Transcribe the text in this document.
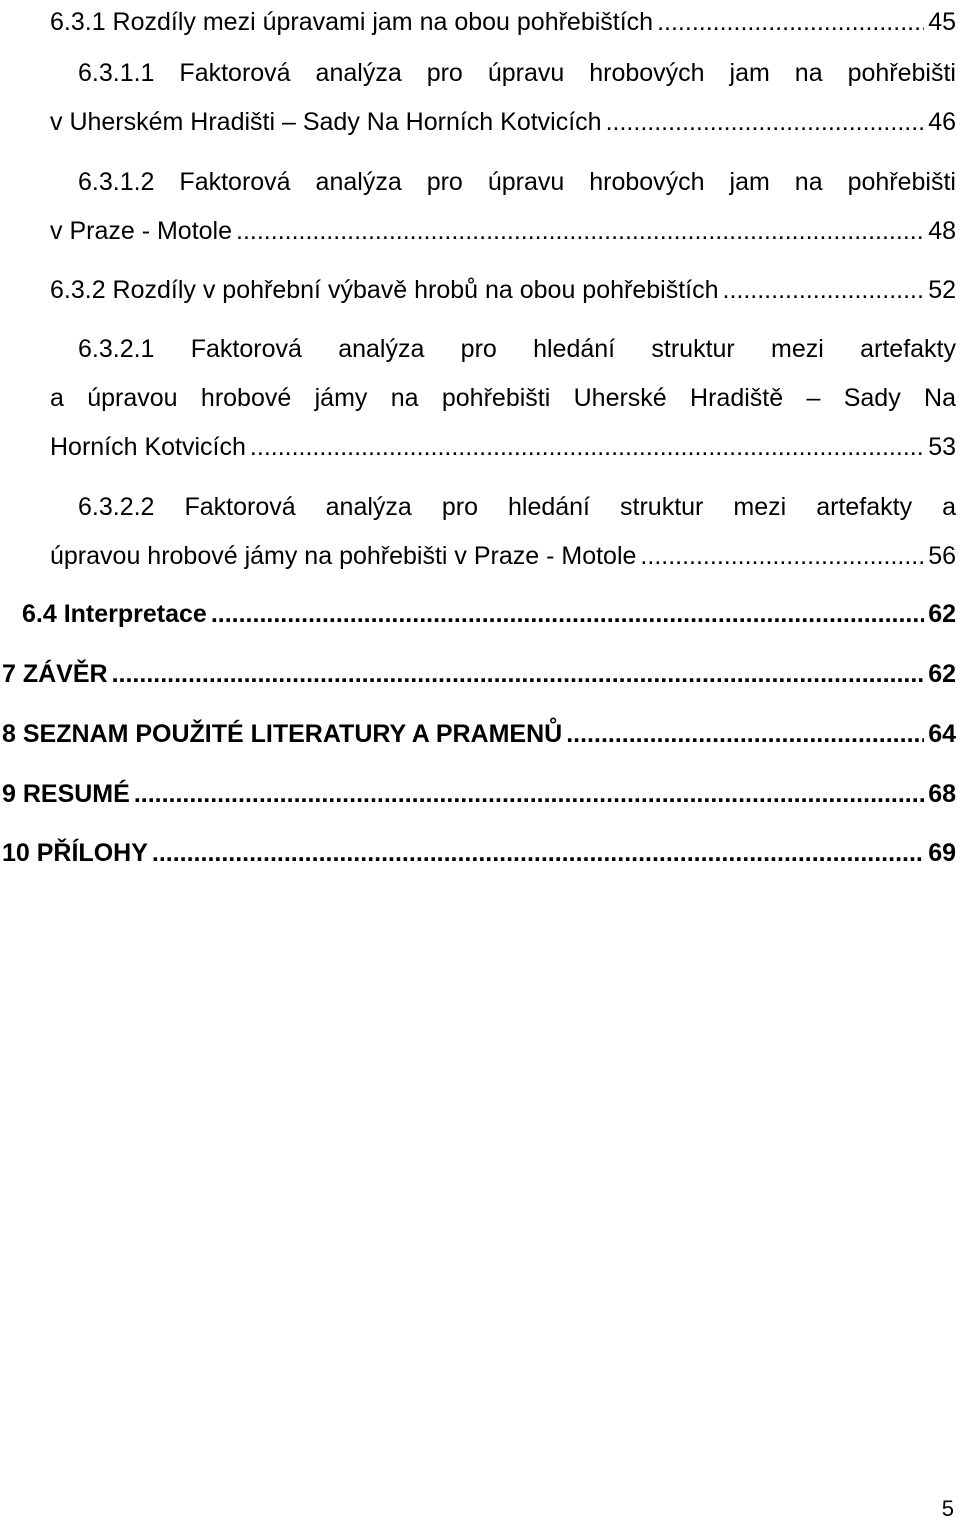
6.3.1 Rozdíly mezi úpravami jam na obou pohřebištích .....	45
6.3.1.1 Faktorová analýza pro úpravu hrobových jam na pohřebišti
v Uherském Hradišti – Sady Na Horních Kotvicích .....	46
6.3.1.2 Faktorová analýza pro úpravu hrobových jam na pohřebišti
v Praze - Motole .....	48
6.3.2 Rozdíly v pohřební výbavě hrobů na obou pohřebištích .....	52
6.3.2.1 Faktorová analýza pro hledání struktur mezi artefakty
a úpravou hrobové jámy na pohřebišti Uherské Hradiště – Sady Na
Horních Kotvicích .....	53
6.3.2.2 Faktorová analýza pro hledání struktur mezi artefakty a
úpravou hrobové jámy na pohřebišti v Praze - Motole .....	56
6.4 Interpretace .....	62
7 ZÁVĚR .....	62
8 SEZNAM POUŽITÉ LITERATURY A PRAMENŮ .....	64
9 RESUMÉ .....	68
10 PŘÍLOHY .....	69
5
